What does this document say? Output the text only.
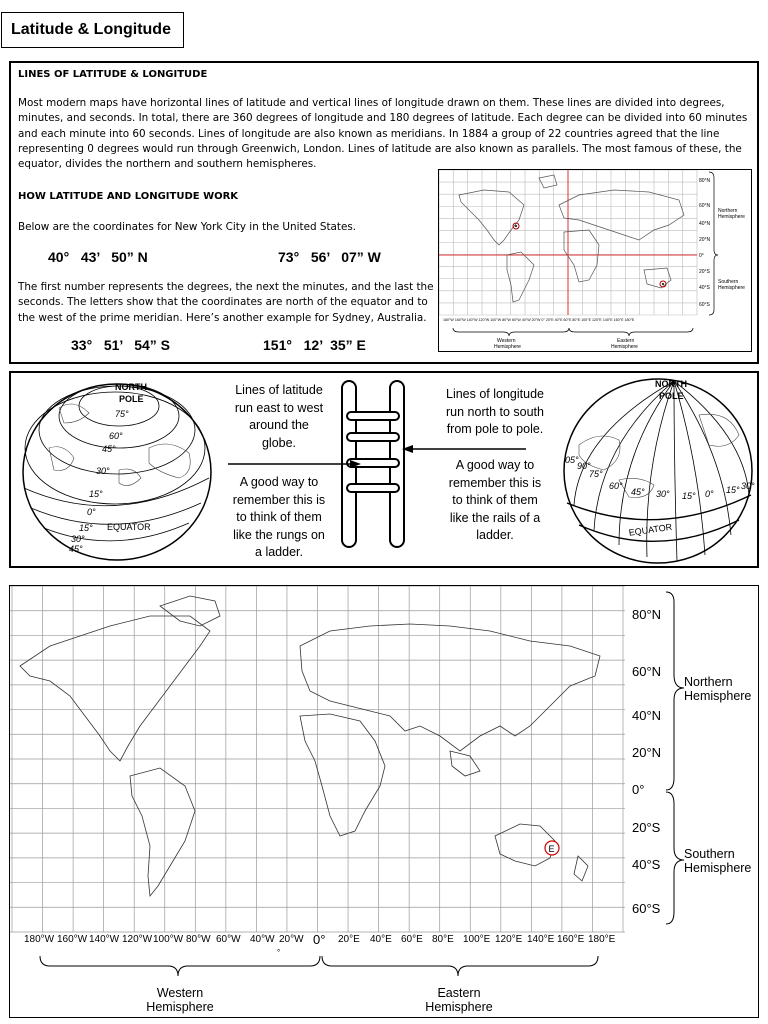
Latitude & Longitude
LINES OF LATITUDE & LONGITUDE
Most modern maps have horizontal lines of latitude and vertical lines of longitude drawn on them. These lines are divided into degrees,
minutes, and seconds. In total, there are 360 degrees of longitude and 180 degrees of latitude. Each degree can be divided into 60 minutes
and each minute into 60 seconds. Lines of longitude are also known as meridians. In 1884 a group of 22 countries agreed that the line
representing 0 degrees would run through Greenwich, London. Lines of latitude are also known as parallels. The most famous of these, the
equator, divides the northern and southern hemispheres.
HOW LATITUDE AND LONGITUDE WORK
Below are the coordinates for New York City in the United States.
40°   43’   50” N	73°   56’   07” W
The first number represents the degrees, the next the minutes, and the last the
seconds. The letters show that the coordinates are north of the equator and to
the west of the prime meridian. Here’s another example for Sydney, Australia.
33°   51’   54” S	151°   12’  35” E
80°N
60°N
40°N
20°N
0°
20°S
40°S
60°S
Northern
Hemisphere
Southern
Hemisphere
180°W 160°W 140°W 120°W 100°W 80°W 60°W 40°W 20°W 0° 20°E 40°E 60°E 80°E 100°E 120°E 140°E 160°E 180°E
Western
Hemisphere
Eastern
Hemisphere
NORTH
POLE
75°
60°
45°
30°
15°
0°
15°
30°
45°
EQUATOR
Lines of latitude
run east to west
around the
globe.
A good way to
remember this is
to think of them
like the rungs on
a ladder.
Lines of longitude
run north to south
from pole to pole.
A good way to
remember this is
to think of them
like the rails of a
ladder.
NORTH
POLE
05°
90°
75°
60°
45° 30° 15° 0° 15° 30°
EQUATOR
E
80°N
60°N
40°N
20°N
0°
20°S
40°S
60°S
Northern
Hemisphere
Southern
Hemisphere
180°W 160°W 140°W 120°W 100°W 80°W 60°W 40°W 20°W 0° 20°E 40°E 60°E 80°E 100°E 120°E 140°E 160°E 180°E
°
Western
Hemisphere
Eastern
Hemisphere
